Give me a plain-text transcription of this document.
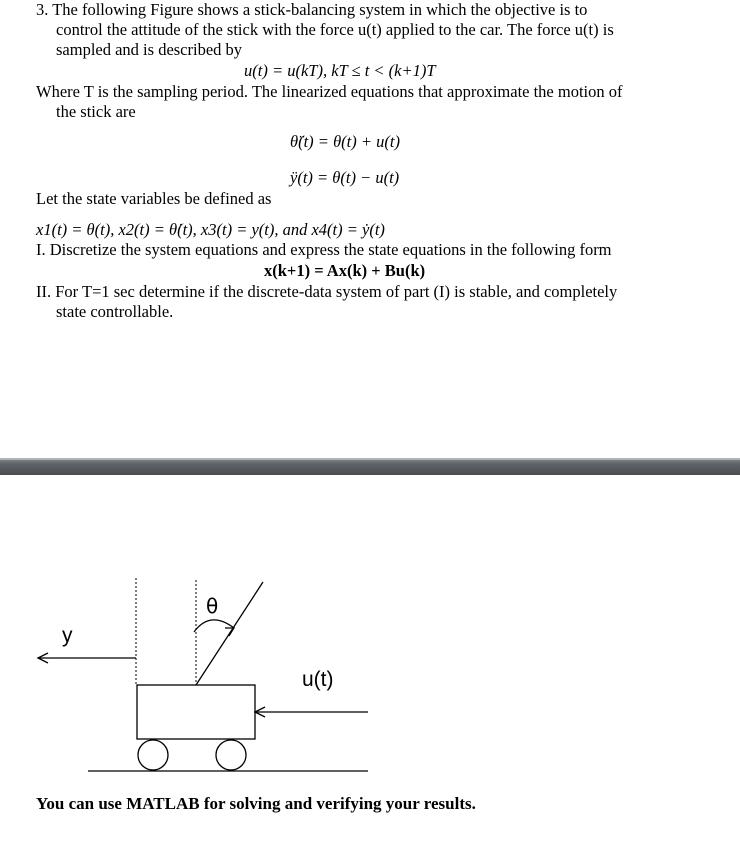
3. The following Figure shows a stick-balancing system in which the objective is to
control the attitude of the stick with the force u(t) applied to the car. The force u(t) is
sampled and is described by
u(t) = u(kT), kT ≤ t < (k+1)T
Where T is the sampling period. The linearized equations that approximate the motion of
the stick are
θ̈(t) = θ(t) + u(t)
ÿ(t) = θ(t) − u(t)
Let the state variables be defined as
x1(t) = θ(t), x2(t) = θ̇(t), x3(t) = y(t), and x4(t) = ẏ(t)
I. Discretize the system equations and express the state equations in the following form
x(k+1) = Ax(k) + Bu(k)
II. For T=1 sec determine if the discrete-data system of part (I) is stable, and completely
state controllable.
y
θ
u(t)
You can use MATLAB for solving and verifying your results.
